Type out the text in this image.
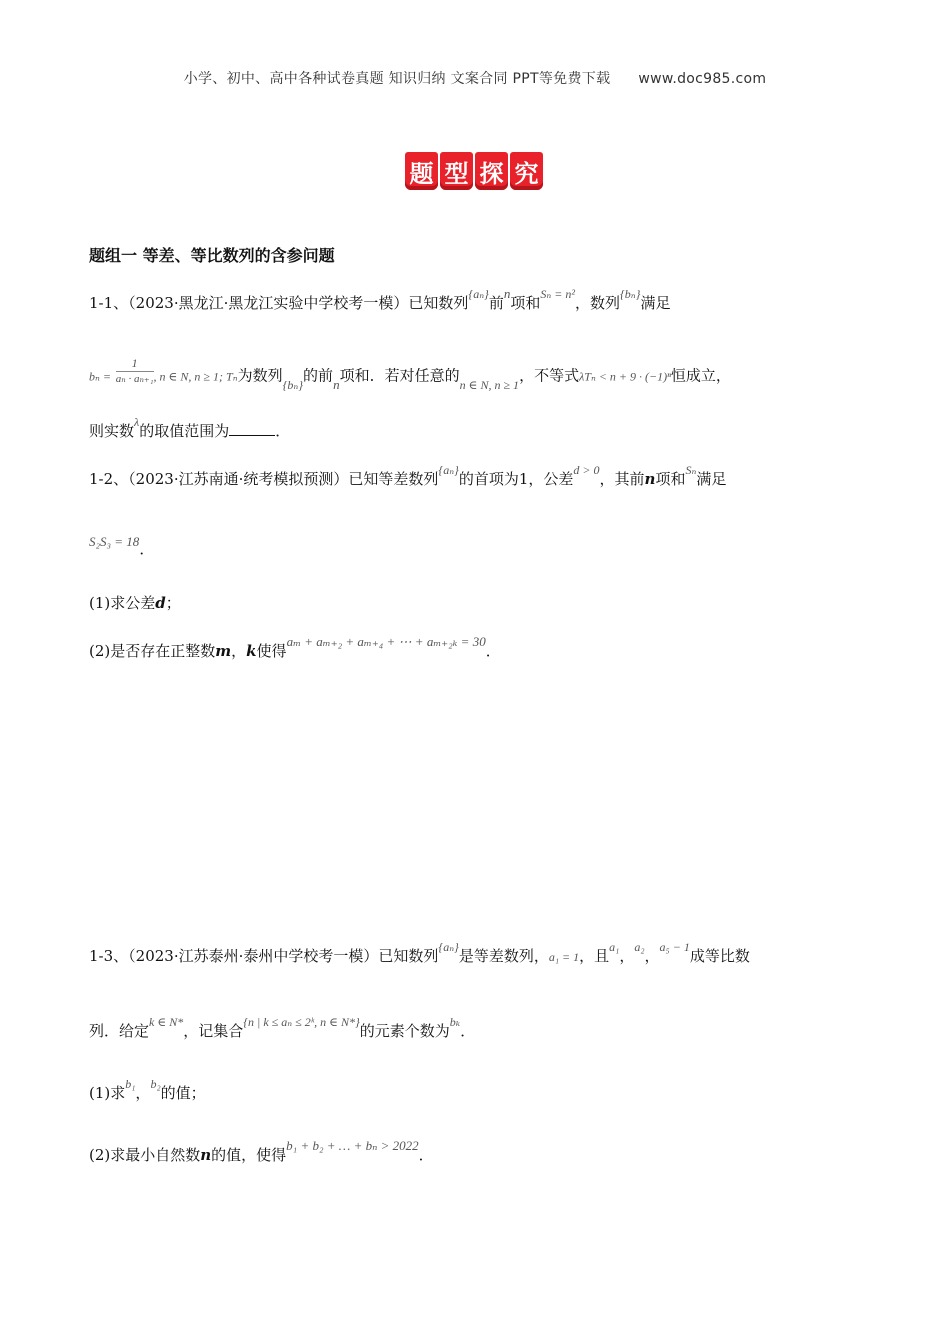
小学、初中、高中各种试卷真题 知识归纳 文案合同 PPT等免费下载 www.doc985.com
题 型 探 究
题组一 等差、等比数列的含参问题
1-1、（2023·黑龙江·黑龙江实验中学校考一模）已知数列$^{\{a_n\}}$前n项和$^{S_n = n^2}$，数列$^{\{b_n\}}$满足
$b_n = \frac{1}{\text{aₙ · aₙ₊₁}}$ , n ∈ N, n ≥ 1; Tₙ为数列$_{\{b_n\}}$的前n项和．若对任意的$_{n \in N, n \ge 1}$，不等式λTₙ < n + 9 · (−1)ⁿ恒成立，
则实数$^\lambda$的取值范围为	．
1-2、（2023·江苏南通·统考模拟预测）已知等差数列$^{\{a_n\}}$的首项为1，公差$^{d > 0}$，其前n项和$^{S_n}$满足
S₂S₃ = 18．
(1)求公差d；
(2)是否存在正整数m，k使得aₘ + aₘ₊₂ + aₘ₊₄ + ⋯ + aₘ₊₂ₖ = 30．
1-3、（2023·江苏泰州·泰州中学校考一模）已知数列$^{\{a_n\}}$是等差数列，a₁ = 1，且$^{a_1}$，$^{a_2}$，$^{a_5 - 1}$成等比数
列．给定$^{k \in N*}$，记集合$^{\{n | k \le a_n \le 2ᵏ, n \in N*\}}$的元素个数为$^{b_k}$．
(1)求$^{b_1}$，$^{b_2}$的值；
(2)求最小自然数n的值，使得b₁ + b₂ + … + bₙ > 2022．
